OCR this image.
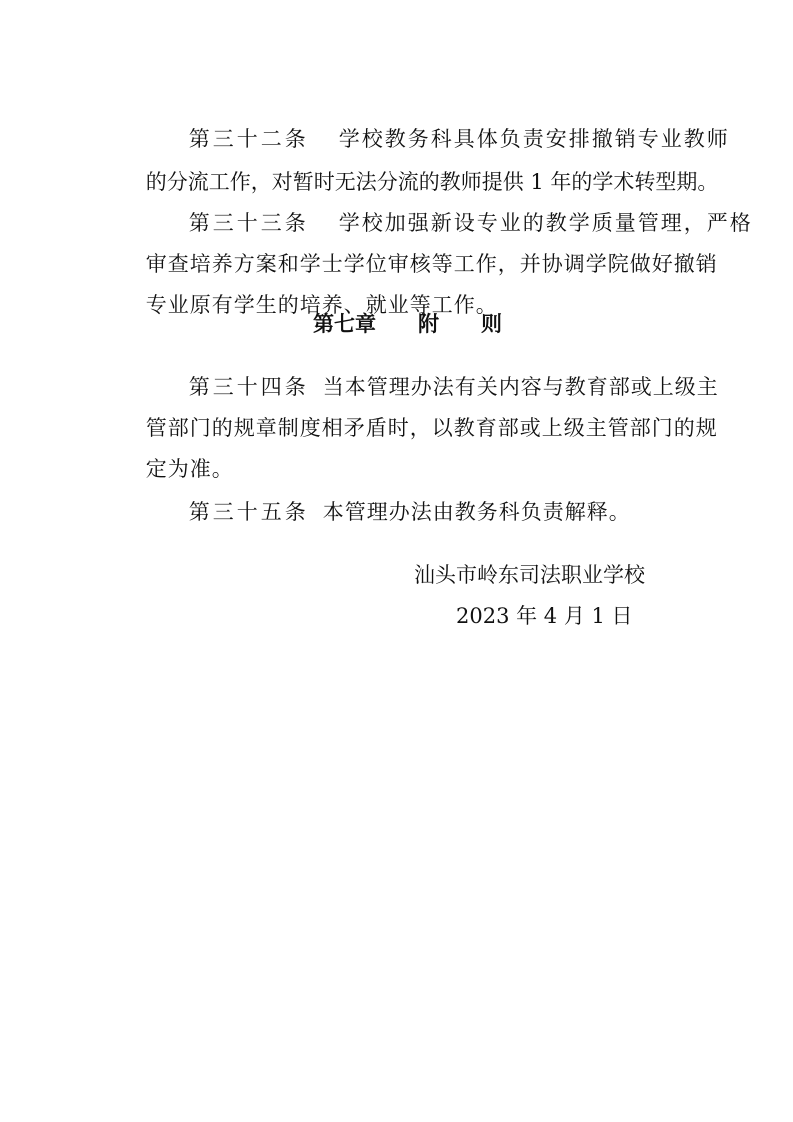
第三十二条 学校教务科具体负责安排撤销专业教师

的分流工作，对暂时无法分流的教师提供 1 年的学术转型期。

第三十三条 学校加强新设专业的教学质量管理，严格

审查培养方案和学士学位审核等工作，并协调学院做好撤销

专业原有学生的培养、就业等工作。

第七章　　附　　则

第三十四条 当本管理办法有关内容与教育部或上级主

管部门的规章制度相矛盾时，以教育部或上级主管部门的规

定为准。

第三十五条 本管理办法由教务科负责解释。

汕头市岭东司法职业学校
2023 年 4 月 1 日
